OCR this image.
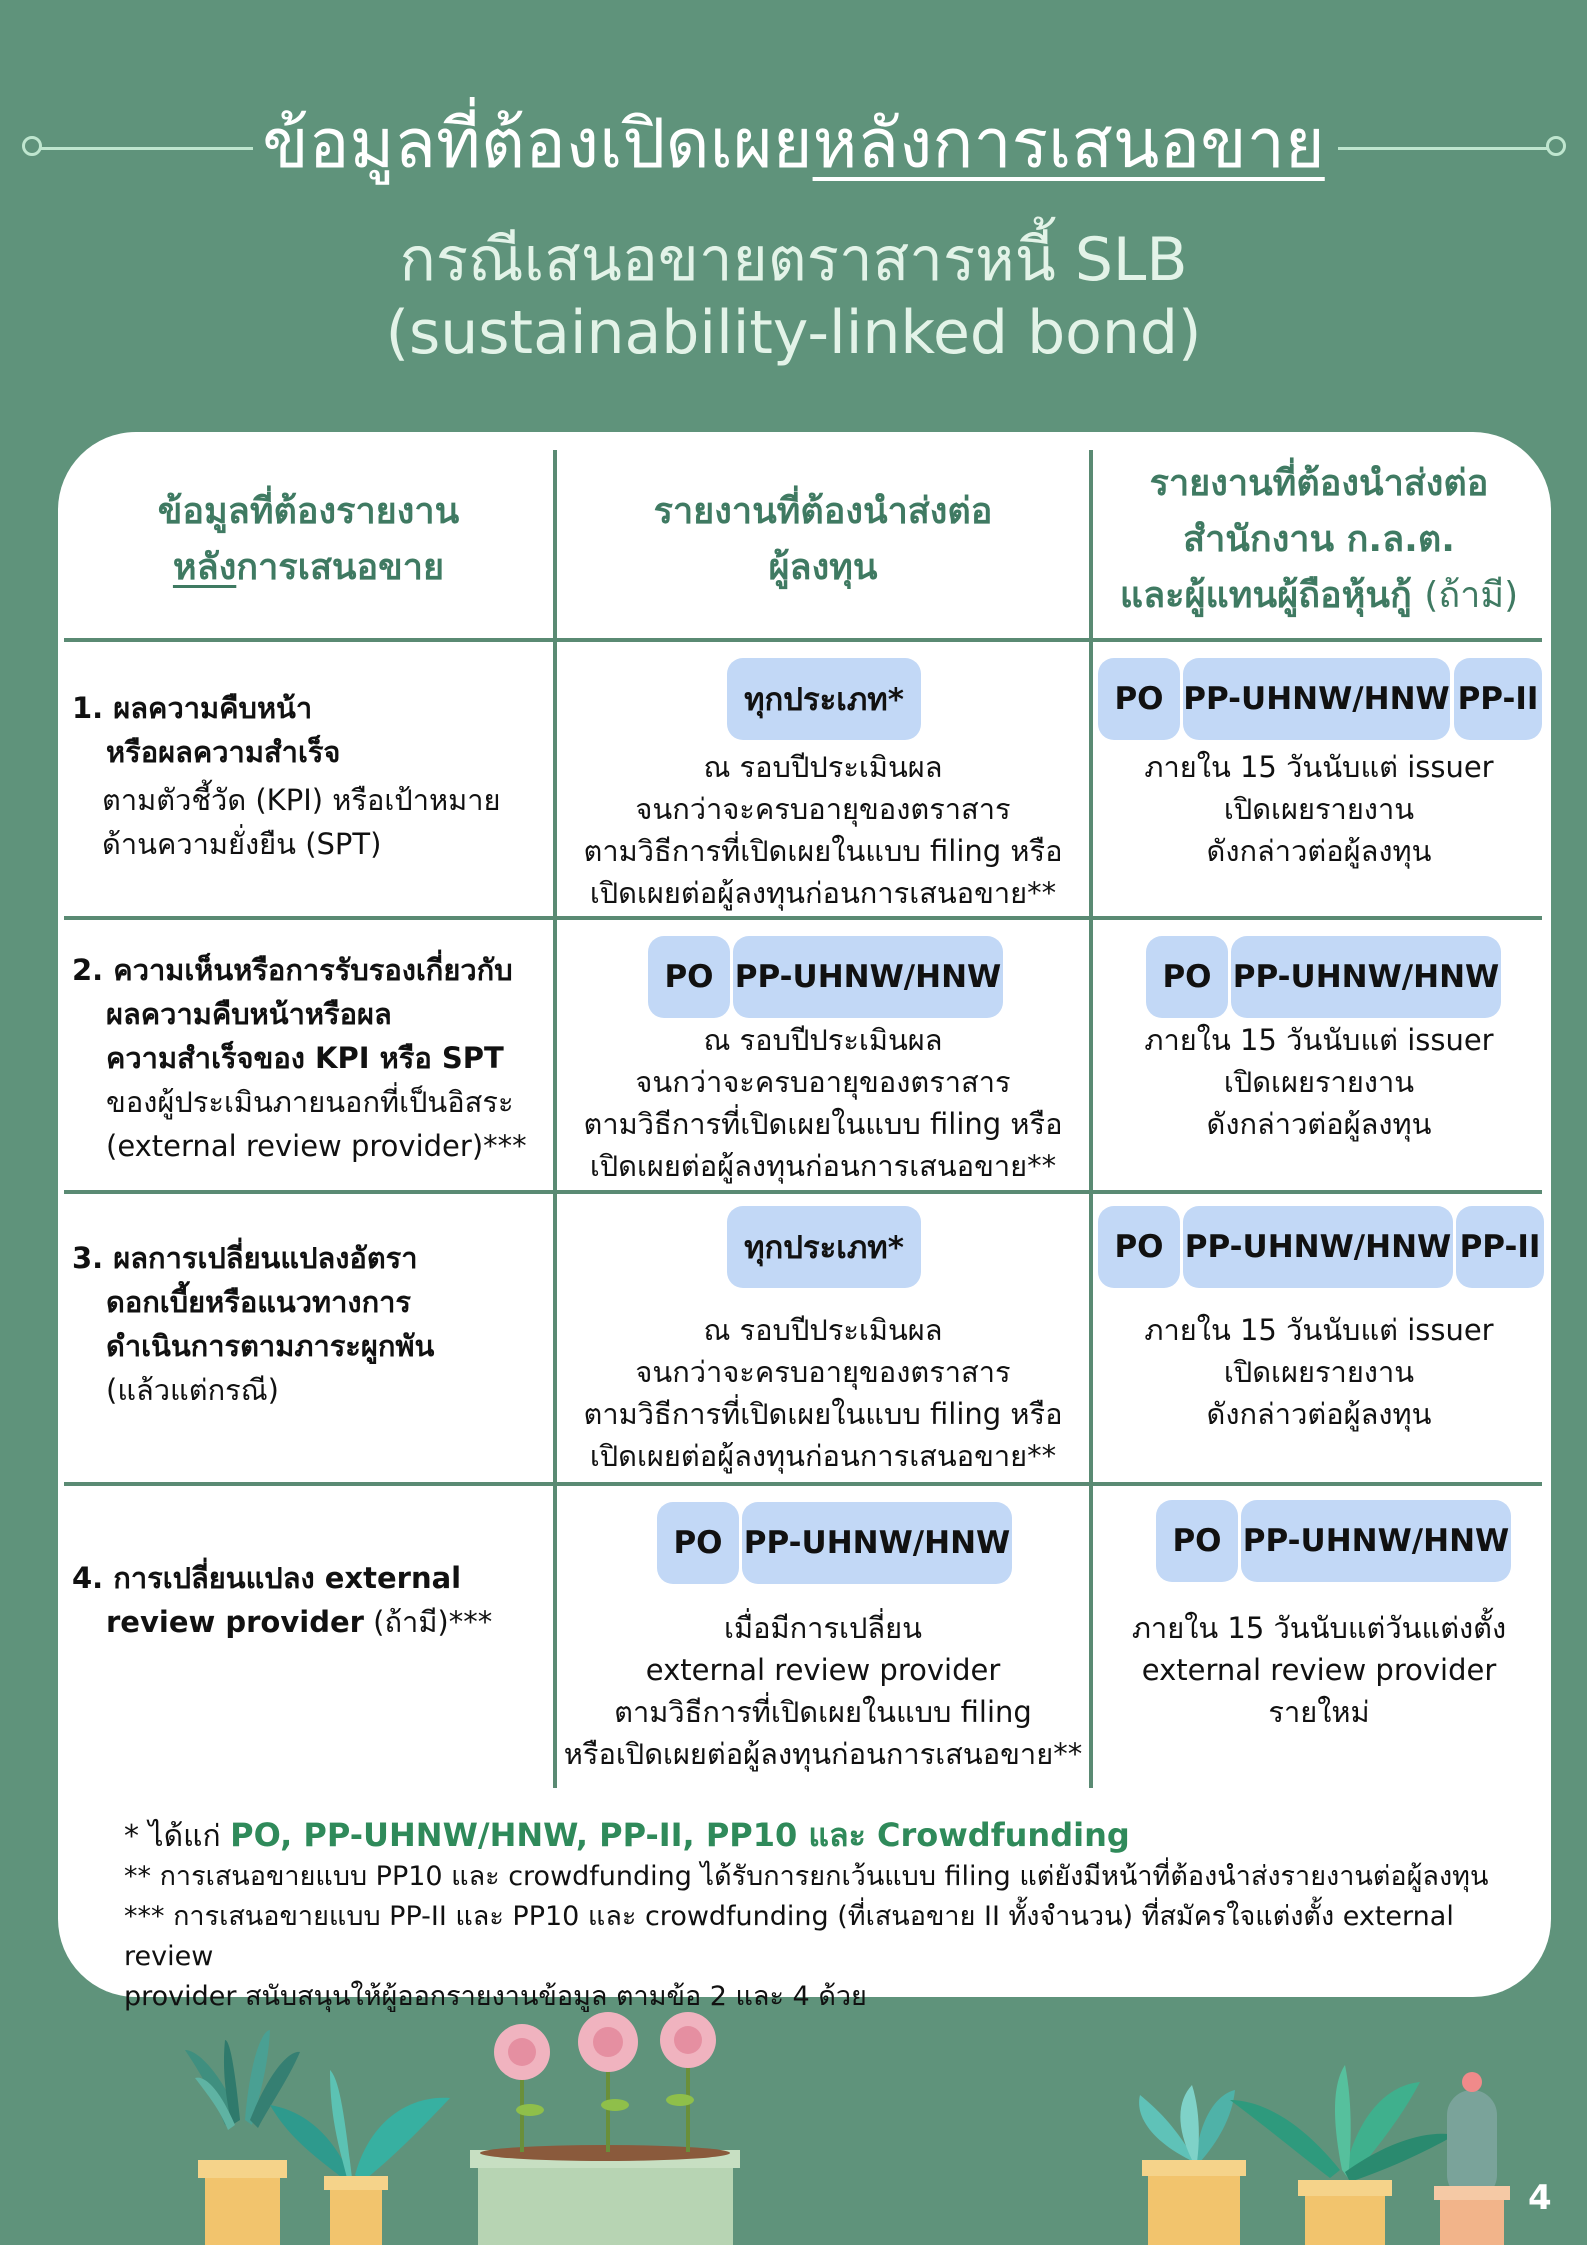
ข้อมูลที่ต้องเปิดเผยหลังการเสนอขาย
กรณีเสนอขายตราสารหนี้ SLB
(sustainability-linked bond)
ข้อมูลที่ต้องรายงาน
หลังการเสนอขาย
รายงานที่ต้องนำส่งต่อ
ผู้ลงทุน
รายงานที่ต้องนำส่งต่อ
สำนักงาน ก.ล.ต.
และผู้แทนผู้ถือหุ้นกู้ (ถ้ามี)
1. ผลความคืบหน้า
หรือผลความสำเร็จ
ตามตัวชี้วัด (KPI) หรือเป้าหมาย
ด้านความยั่งยืน (SPT)
ทุกประเภท*
ณ รอบปีประเมินผล
จนกว่าจะครบอายุของตราสาร
ตามวิธีการที่เปิดเผยในแบบ filing หรือ
เปิดเผยต่อผู้ลงทุนก่อนการเสนอขาย**
PO PP-UHNW/HNW PP-II
ภายใน 15 วันนับแต่ issuer
เปิดเผยรายงาน
ดังกล่าวต่อผู้ลงทุน
2. ความเห็นหรือการรับรองเกี่ยวกับ
ผลความคืบหน้าหรือผล
ความสำเร็จของ KPI หรือ SPT
ของผู้ประเมินภายนอกที่เป็นอิสระ
(external review provider)***
PO PP-UHNW/HNW
ณ รอบปีประเมินผล
จนกว่าจะครบอายุของตราสาร
ตามวิธีการที่เปิดเผยในแบบ filing หรือ
เปิดเผยต่อผู้ลงทุนก่อนการเสนอขาย**
PO PP-UHNW/HNW
ภายใน 15 วันนับแต่ issuer
เปิดเผยรายงาน
ดังกล่าวต่อผู้ลงทุน
3. ผลการเปลี่ยนแปลงอัตรา
ดอกเบี้ยหรือแนวทางการ
ดำเนินการตามภาระผูกพัน
(แล้วแต่กรณี)
ทุกประเภท*
ณ รอบปีประเมินผล
จนกว่าจะครบอายุของตราสาร
ตามวิธีการที่เปิดเผยในแบบ filing หรือ
เปิดเผยต่อผู้ลงทุนก่อนการเสนอขาย**
PO PP-UHNW/HNW PP-II
ภายใน 15 วันนับแต่ issuer
เปิดเผยรายงาน
ดังกล่าวต่อผู้ลงทุน
4. การเปลี่ยนแปลง external
review provider (ถ้ามี)***
PO PP-UHNW/HNW
เมื่อมีการเปลี่ยน
external review provider
ตามวิธีการที่เปิดเผยในแบบ filing
หรือเปิดเผยต่อผู้ลงทุนก่อนการเสนอขาย**
PO PP-UHNW/HNW
ภายใน 15 วันนับแต่วันแต่งตั้ง
external review provider
รายใหม่
* ได้แก่ PO, PP-UHNW/HNW, PP-II, PP10 และ Crowdfunding
** การเสนอขายแบบ PP10 และ crowdfunding ได้รับการยกเว้นแบบ filing แต่ยังมีหน้าที่ต้องนำส่งรายงานต่อผู้ลงทุน
*** การเสนอขายแบบ PP-II และ PP10 และ crowdfunding (ที่เสนอขาย II ทั้งจำนวน) ที่สมัครใจแต่งตั้ง external review
provider สนับสนุนให้ผู้ออกรายงานข้อมูล ตามข้อ 2 และ 4 ด้วย
4
